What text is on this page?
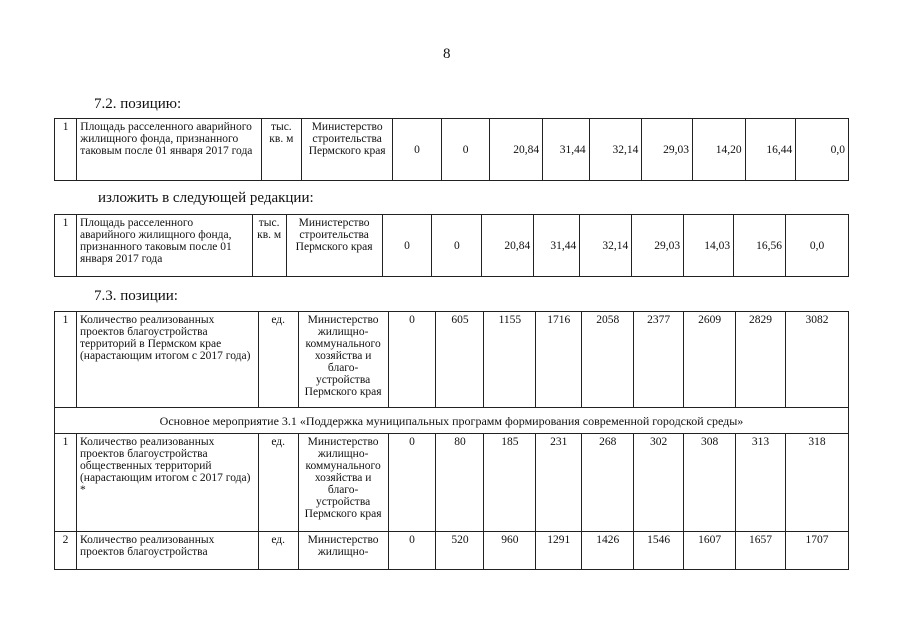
8
7.2. позицию:
1	Площадь расселенного аварийного жилищного фонда, признанного таковым после 01 января 2017 года	тыс. кв. м	Министерство строительства Пермского края	0	0	20,84	31,44	32,14	29,03	14,20	16,44	0,0
изложить в следующей редакции:
1	Площадь расселенного аварийного жилищного фонда, признанного таковым после 01 января 2017 года	тыс. кв. м	Министерство строительства Пермского края	0	0	20,84	31,44	32,14	29,03	14,03	16,56	0,0
7.3. позиции:
1	Количество реализованных проектов благоустройства территорий в Пермском крае (нарастающим итогом с 2017 года)	ед.	Министерство жилищно-коммунального хозяйства и благо-устройства Пермского края	0	605	1155	1716	2058	2377	2609	2829	3082
Основное мероприятие 3.1 «Поддержка муниципальных программ формирования современной городской среды»												
1	Количество реализованных проектов благоустройства общественных территорий (нарастающим итогом с 2017 года) *	ед.	Министерство жилищно-коммунального хозяйства и благо-устройства Пермского края	0	80	185	231	268	302	308	313	318
2	Количество реализованных проектов благоустройства	ед.	Министерство жилищно-	0	520	960	1291	1426	1546	1607	1657	1707
